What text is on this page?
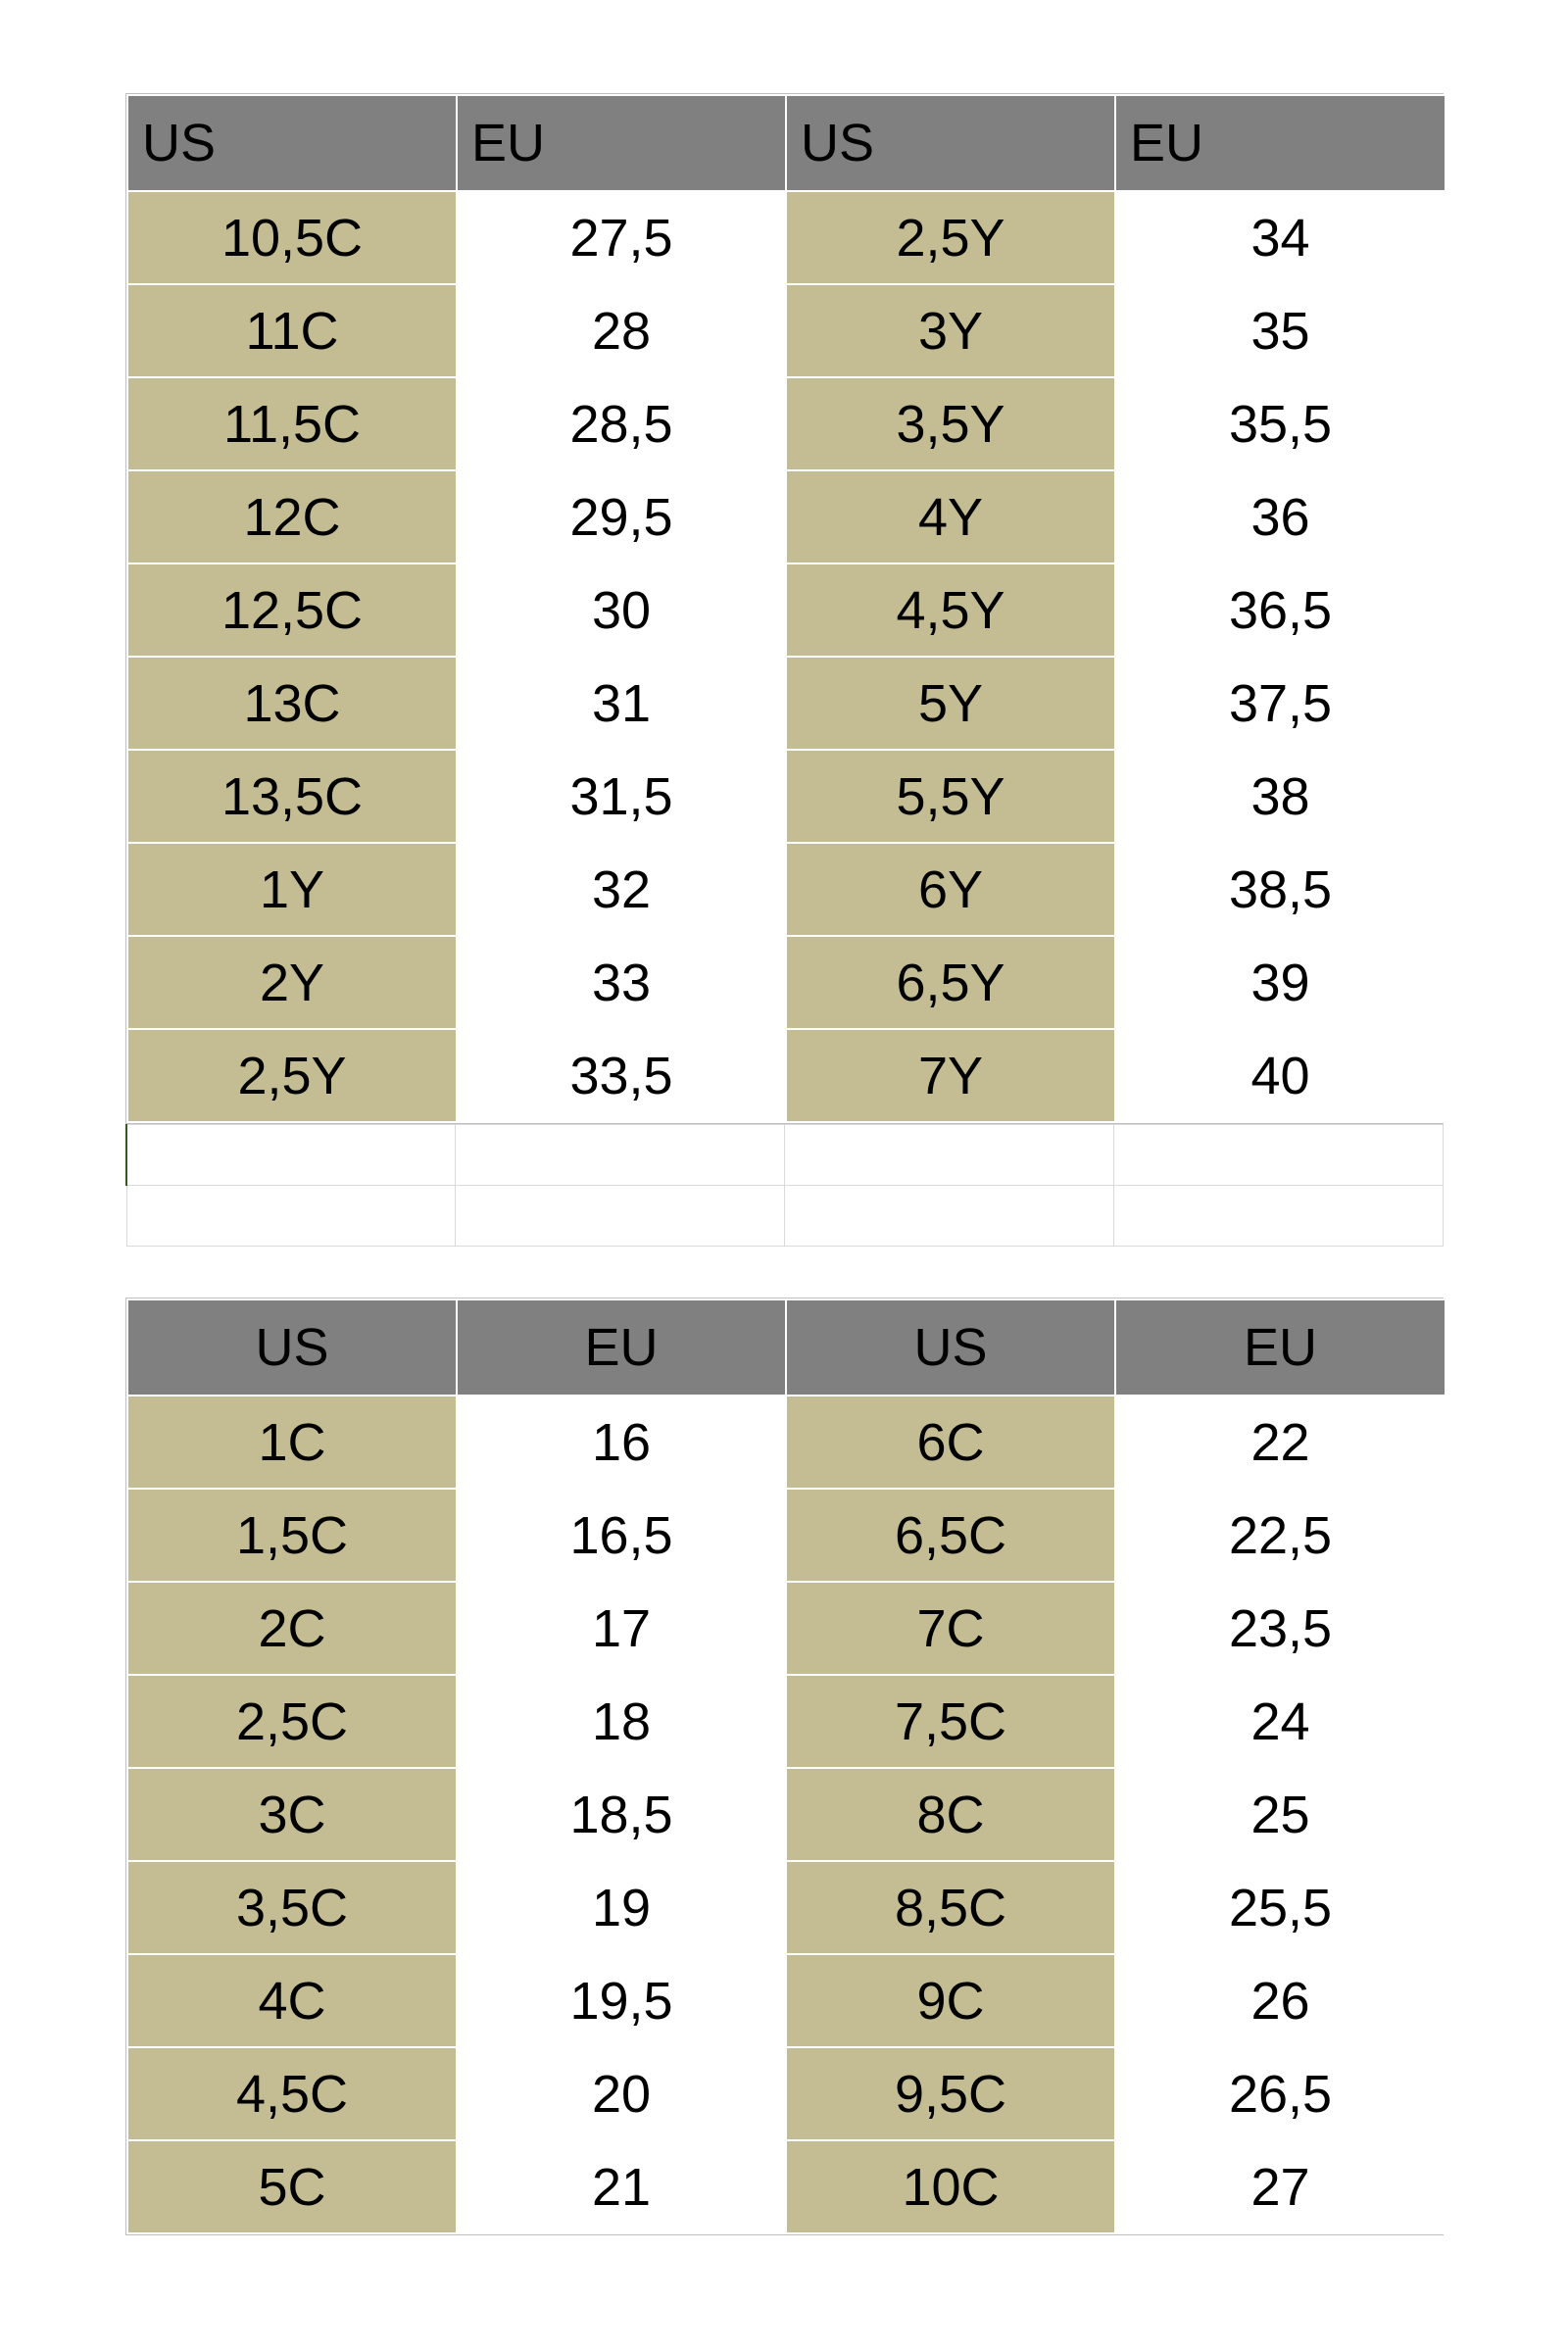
US	EU	US	EU
10,5C	27,5	2,5Y	34
11C	28	3Y	35
11,5C	28,5	3,5Y	35,5
12C	29,5	4Y	36
12,5C	30	4,5Y	36,5
13C	31	5Y	37,5
13,5C	31,5	5,5Y	38
1Y	32	6Y	38,5
2Y	33	6,5Y	39
2,5Y	33,5	7Y	40

US	EU	US	EU
1C	16	6C	22
1,5C	16,5	6,5C	22,5
2C	17	7C	23,5
2,5C	18	7,5C	24
3C	18,5	8C	25
3,5C	19	8,5C	25,5
4C	19,5	9C	26
4,5C	20	9,5C	26,5
5C	21	10C	27
